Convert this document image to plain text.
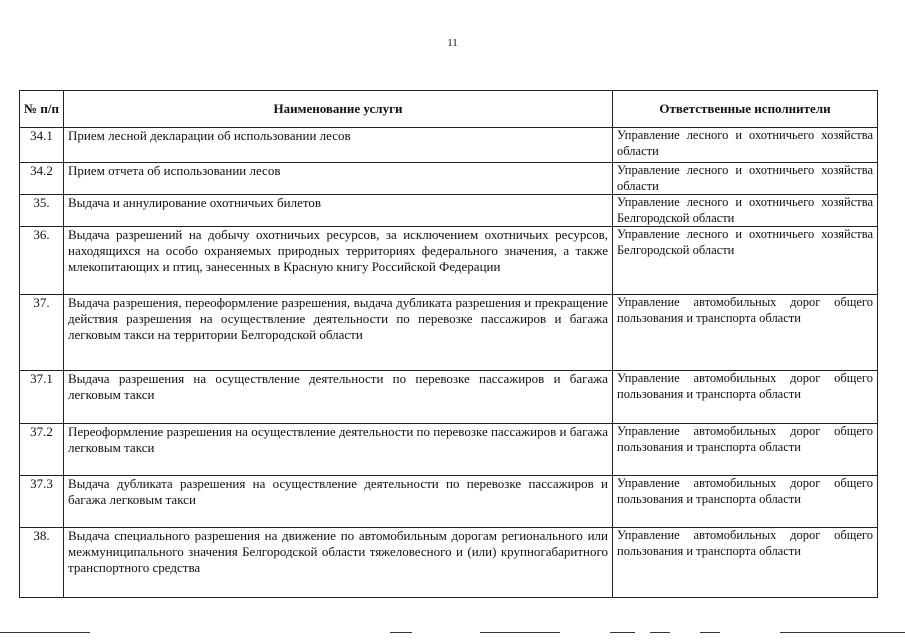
11
№ п/п	Наименование услуги	Ответственные исполнители
34.1	Прием лесной декларации об использовании лесов	Управление лесного и охотничьего хозяйства области
34.2	Прием отчета об использовании лесов	Управление лесного и охотничьего хозяйства области
35.	Выдача и аннулирование охотничьих билетов	Управление лесного и охотничьего хозяйства Белгородской области
36.	Выдача разрешений на добычу охотничьих ресурсов, за исключением охотничьих ресурсов, находящихся на особо охраняемых природных территориях федерального значения, а также млекопитающих и птиц, занесенных в Красную книгу Российской Федерации	Управление лесного и охотничьего хозяйства Белгородской области
37.	Выдача разрешения, переоформление разрешения, выдача дубликата разрешения и прекращение действия разрешения на осуществление деятельности по перевозке пассажиров и багажа легковым такси на территории Белгородской области	Управление автомобильных дорог общего пользования и транспорта области
37.1	Выдача разрешения на осуществление деятельности по перевозке пассажиров и багажа легковым такси	Управление автомобильных дорог общего пользования и транспорта области
37.2	Переоформление разрешения на осуществление деятельности по перевозке пассажиров и багажа легковым такси	Управление автомобильных дорог общего пользования и транспорта области
37.3	Выдача дубликата разрешения на осуществление деятельности по перевозке пассажиров и багажа легковым такси	Управление автомобильных дорог общего пользования и транспорта области
38.	Выдача специального разрешения на движение по автомобильным дорогам регионального или межмуниципального значения Белгородской области тяжеловесного и (или) крупногабаритного транспортного средства	Управление автомобильных дорог общего пользования и транспорта области
